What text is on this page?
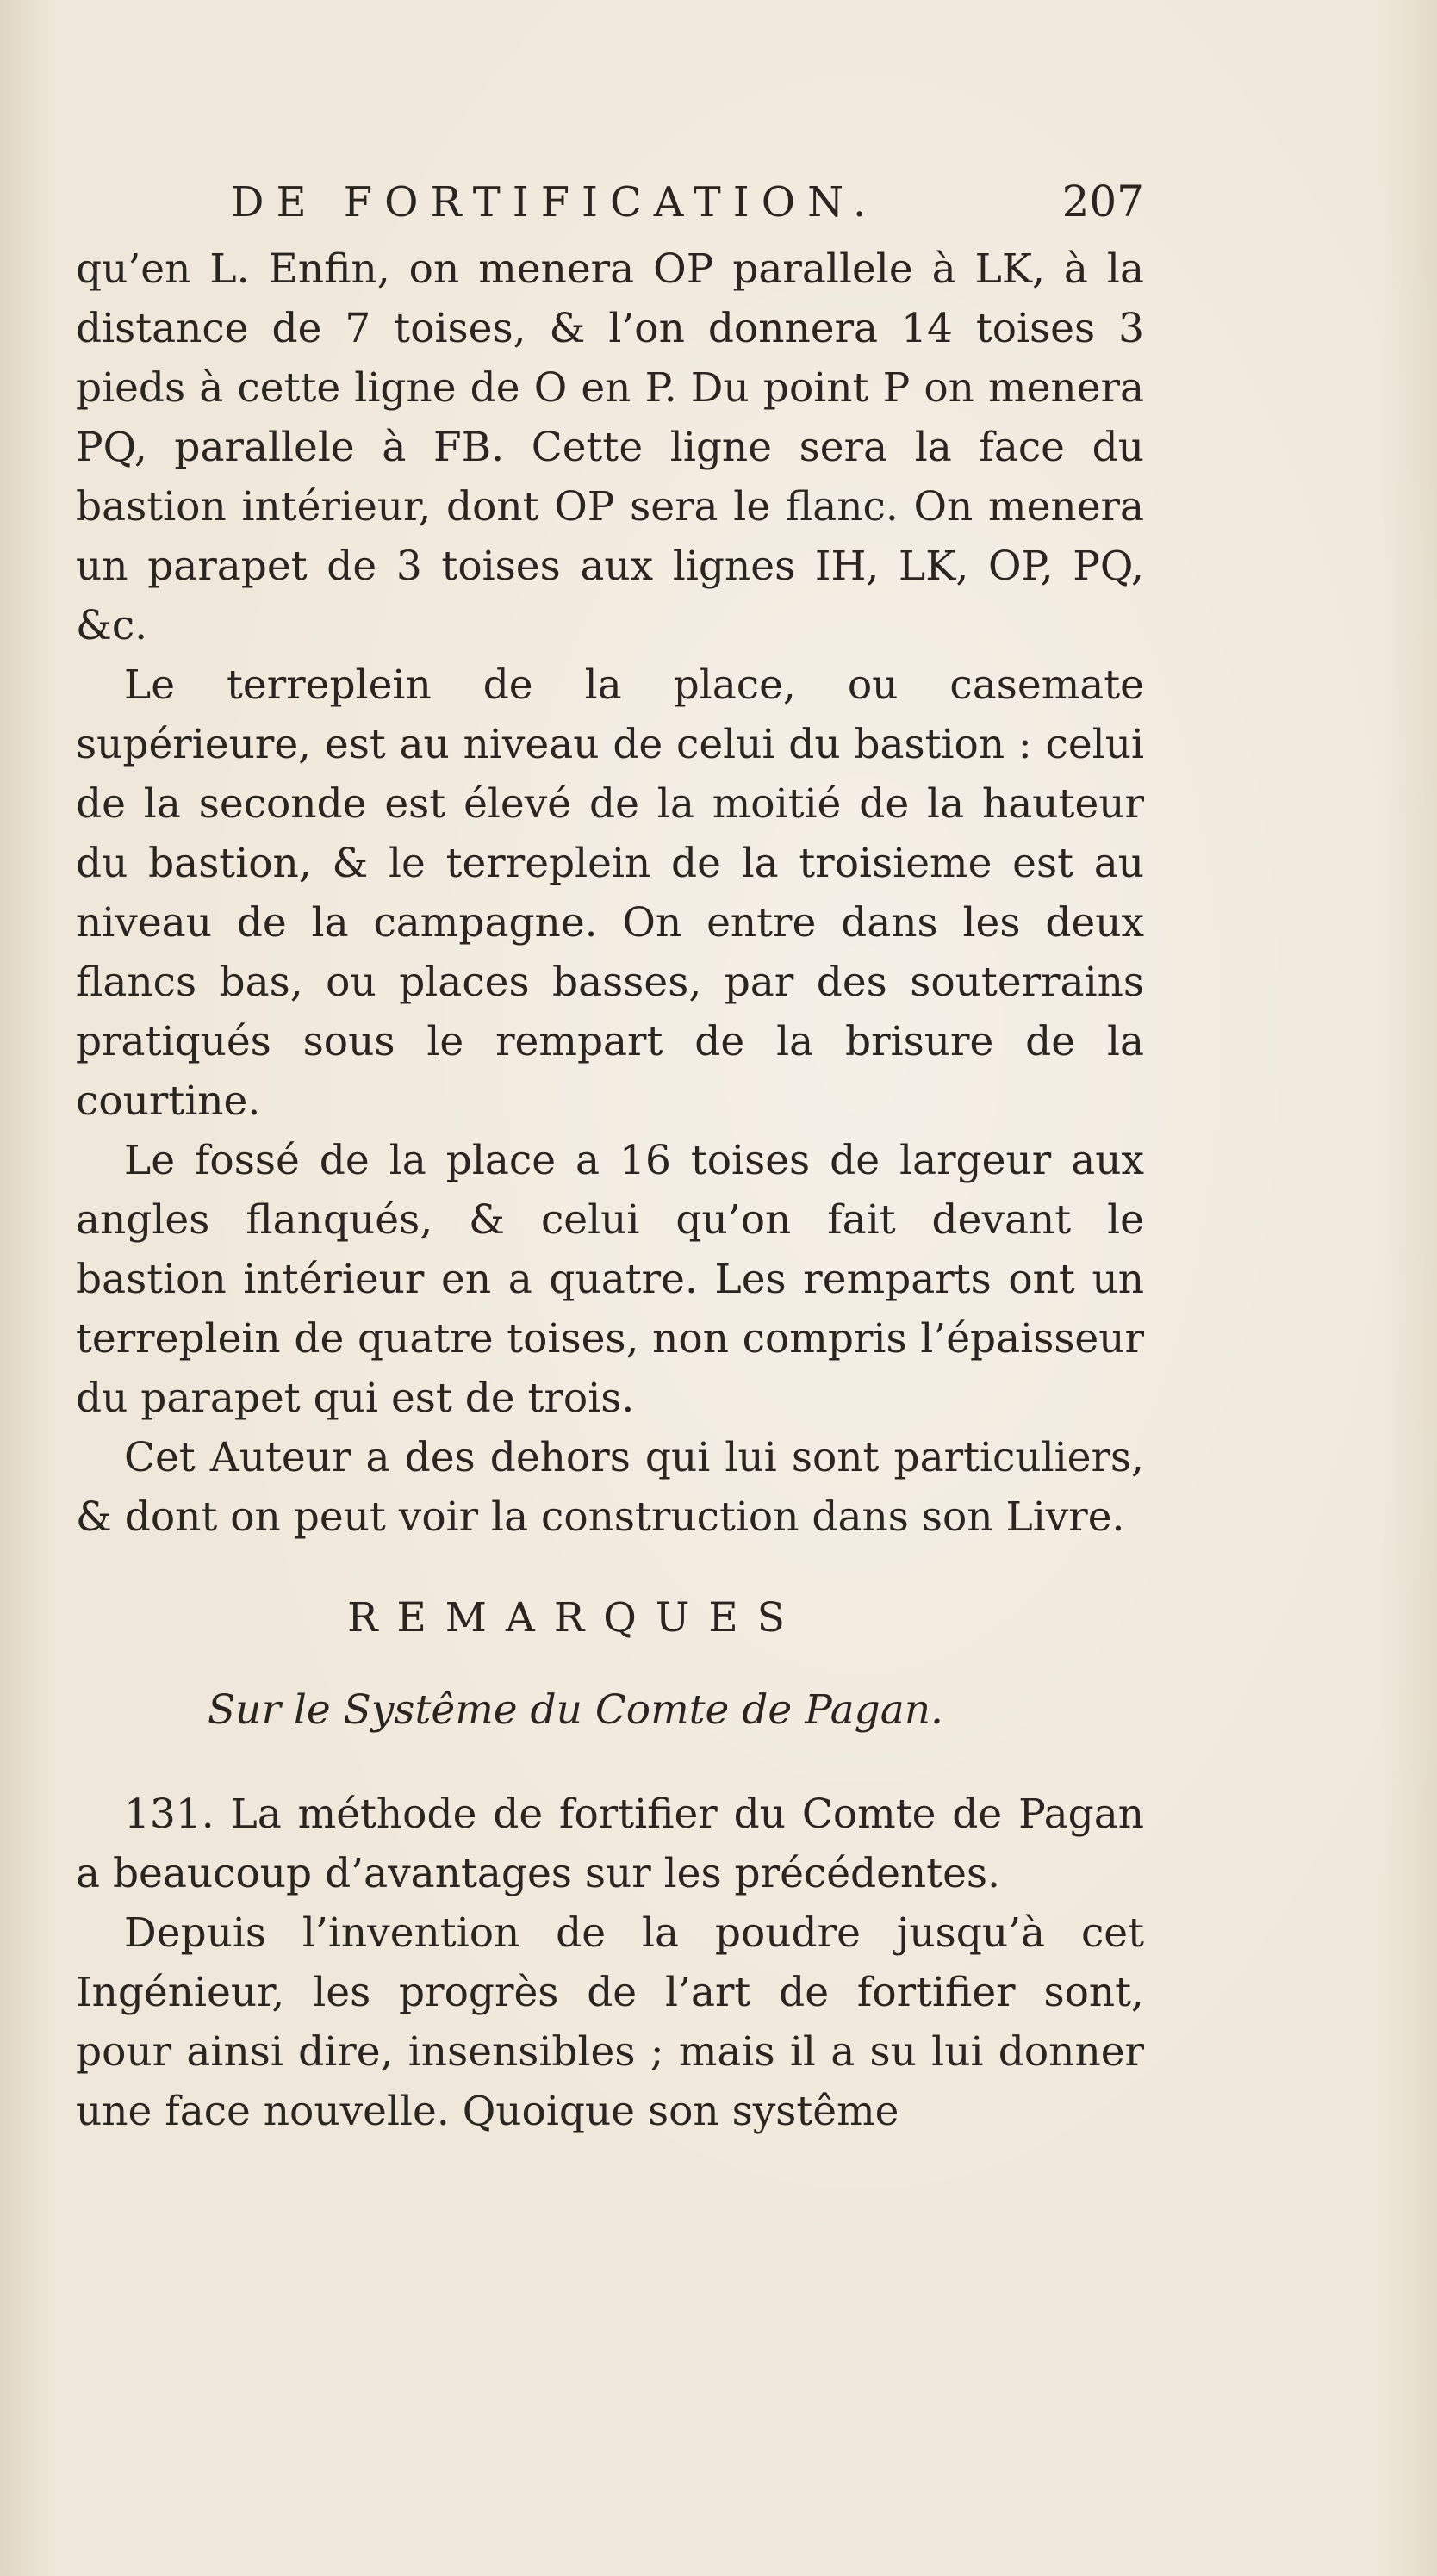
DE FORTIFICATION.	207

qu’en L. Enfin, on menera OP parallele à LK, à la distance de 7 toises, & l’on donnera 14 toises 3 pieds à cette ligne de O en P. Du point P on menera PQ, parallele à FB. Cette ligne sera la face du bastion intérieur, dont OP sera le flanc. On menera un parapet de 3 toises aux lignes IH, LK, OP, PQ, &c.

Le terreplein de la place, ou casemate supérieure, est au niveau de celui du bastion : celui de la seconde est élevé de la moitié de la hauteur du bastion, & le terreplein de la troisieme est au niveau de la campagne. On entre dans les deux flancs bas, ou places basses, par des souterrains pratiqués sous le rempart de la brisure de la courtine.

Le fossé de la place a 16 toises de largeur aux angles flanqués, & celui qu’on fait devant le bastion intérieur en a quatre. Les remparts ont un terreplein de quatre toises, non compris l’épaisseur du parapet qui est de trois.

Cet Auteur a des dehors qui lui sont particuliers, & dont on peut voir la construction dans son Livre.

REMARQUES
Sur le Systême du Comte de Pagan.

131. La méthode de fortifier du Comte de Pagan a beaucoup d’avantages sur les précédentes.

Depuis l’invention de la poudre jusqu’à cet Ingénieur, les progrès de l’art de fortifier sont, pour ainsi dire, insensibles ; mais il a su lui donner une face nouvelle. Quoique son systême
